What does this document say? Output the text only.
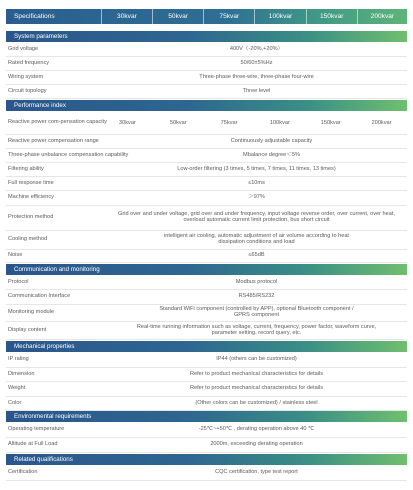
Specifications	30kvar	50kvar	75kvar	100kvar	150kvar	200kvar
System parameters
Grid voltage	400V（-20%,+20%）
Rated frequency	50/60±5%Hz
Wiring system	Three-phase three-wire, three-phase four-wire
Circuit topology	Three level
Performance index
Reactive power com-pensation capacity	30kvar	50kvar	75kvar	100kvar	150kvar	200kvar
Reactive power compensation range	Continuously adjustable capacity
Three-phase unbalance compensation capability	Mbalance degree＜5%
Filtering ability	Low-order filtering (3 times, 5 times, 7 times, 11 times, 13 times)
Full response time	≤10ms
Machine efficiency	＞97%
Protection method	Grid over and under voltage, grid over and under frequency, input voltage reverse order, over current, over heat, overload automatic current limit protection, bus short circuit
Cooling method	intelligent air cooling, automatic adjustment of air volume according to heat dissipation conditions and load
Noise	≤65dB
Communication and monitoring
Protocol	Modbus protocol
Communication Interface	RS485/RS232
Monitoring module	Standard WiFi component (controlled by APP), optional Bluetooth component / GPRS component
Display content	Real-time running information such as voltage, current, frequency, power factor, waveform curve, parameter setting, record query, etc.
Mechanical properties
IP rating	IP44 (others can be customized)
Dimension	Refer to product mechanical characteristics for details
Weight	Refer to product mechanical characteristics for details
Color	(Other colors can be customized) / stainless steel
Environmental requirements
Operating temperature	-25℃~+50℃ , derating operation above 40 ℃
Altitude at Full Load	2000m, exceeding derating operation
Related qualifications
Certification	CQC certification, type test report
